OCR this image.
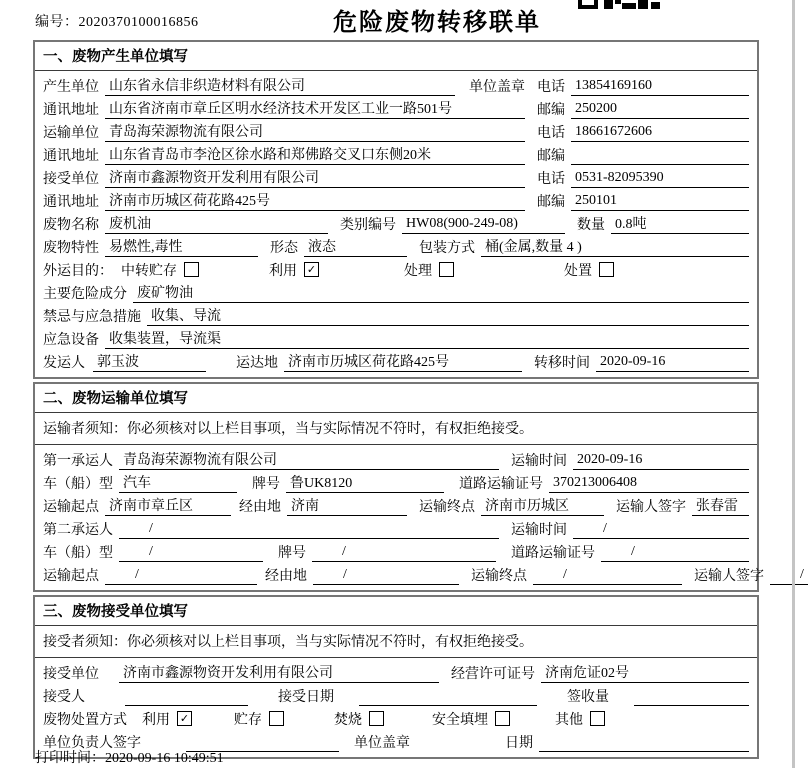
编号：2020370100016856	危险废物转移联单
一、废物产生单位填写
产生单位 山东省永信非织造材料有限公司	单位盖章 电话 13854169160
通讯地址 山东省济南市章丘区明水经济技术开发区工业一路501号	邮编 250200
运输单位 青岛海荣源物流有限公司	电话 18661672606
通讯地址 山东省青岛市李沧区徐水路和郑佛路交叉口东侧20米	邮编
接受单位 济南市鑫源物资开发利用有限公司	电话 0531-82095390
通讯地址 济南市历城区荷花路425号	邮编 250101
废物名称 废机油	类别编号 HW08(900-249-08)	数量 0.8吨
废物特性 易燃性,毒性	形态 液态	包装方式 桶(金属,数量 4 )
外运目的： 中转贮存	利用 ✓	处理	处置
主要危险成分 废矿物油
禁忌与应急措施 收集、导流
应急设备 收集装置，导流渠
发运人 郭玉波	运达地 济南市历城区荷花路425号	转移时间 2020-09-16
二、废物运输单位填写
运输者须知：你必须核对以上栏目事项，当与实际情况不符时，有权拒绝接受。
第一承运人 青岛海荣源物流有限公司	运输时间 2020-09-16
车（船）型 汽车	牌号 鲁UK8120	道路运输证号 370213006408
运输起点 济南市章丘区	经由地 济南	运输终点 济南市历城区	运输人签字 张春雷
第二承运人	/	运输时间	/
车（船）型	/	牌号	/	道路运输证号	/
运输起点	/	经由地	/	运输终点	/	运输人签字	/
三、废物接受单位填写
接受者须知：你必须核对以上栏目事项，当与实际情况不符时，有权拒绝接受。
接受单位 济南市鑫源物资开发利用有限公司	经营许可证号 济南危证02号
接受人	接受日期	签收量
废物处置方式 利用 ✓	贮存	焚烧	安全填埋	其他
单位负责人签字	单位盖章	日期
打印时间：2020-09-16 10:49:51
